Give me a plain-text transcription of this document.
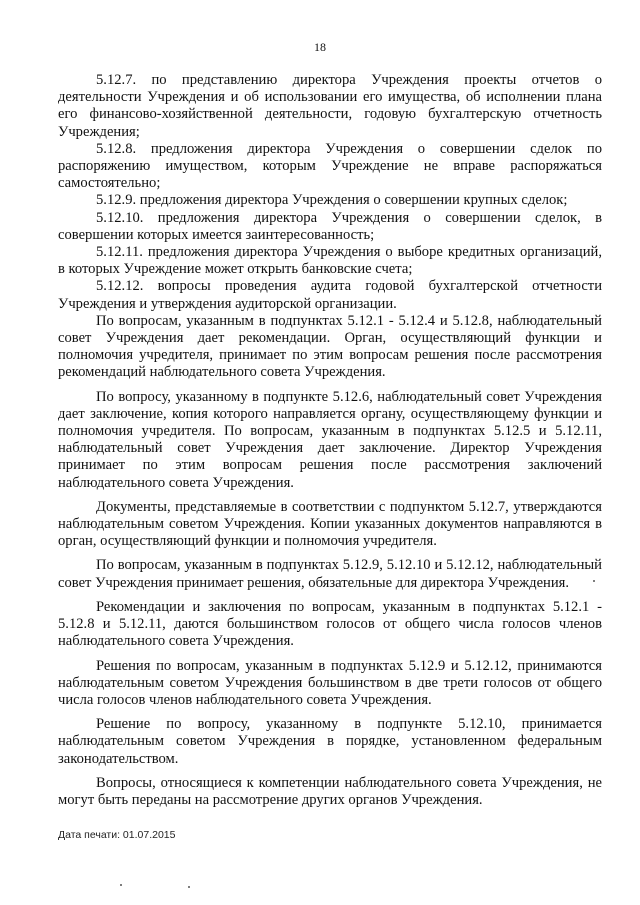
18

5.12.7. по представлению директора Учреждения проекты отчетов о деятельности Учреждения и об использовании его имущества, об исполнении плана его финансово-хозяйственной деятельности, годовую бухгалтерскую отчетность Учреждения;

5.12.8. предложения директора Учреждения о совершении сделок по распоряжению имуществом, которым Учреждение не вправе распоряжаться самостоятельно;

5.12.9. предложения директора Учреждения о совершении крупных сделок;

5.12.10. предложения директора Учреждения о совершении сделок, в совершении которых имеется заинтересованность;

5.12.11. предложения директора Учреждения о выборе кредитных организаций, в которых Учреждение может открыть банковские счета;

5.12.12. вопросы проведения аудита годовой бухгалтерской отчетности Учреждения и утверждения аудиторской организации.

По вопросам, указанным в подпунктах 5.12.1 - 5.12.4 и 5.12.8, наблюдательный совет Учреждения дает рекомендации. Орган, осуществляющий функции и полномочия учредителя, принимает по этим вопросам решения после рассмотрения рекомендаций наблюдательного совета Учреждения.

По вопросу, указанному в подпункте 5.12.6, наблюдательный совет Учреждения дает заключение, копия которого направляется органу, осуществляющему функции и полномочия учредителя. По вопросам, указанным в подпунктах 5.12.5 и 5.12.11, наблюдательный совет Учреждения дает заключение. Директор Учреждения принимает по этим вопросам решения после рассмотрения заключений наблюдательного совета Учреждения.

Документы, представляемые в соответствии с подпунктом 5.12.7, утверждаются наблюдательным советом Учреждения. Копии указанных документов направляются в орган, осуществляющий функции и полномочия учредителя.

По вопросам, указанным в подпунктах 5.12.9, 5.12.10 и 5.12.12, наблюдательный совет Учреждения принимает решения, обязательные для директора Учреждения.

Рекомендации и заключения по вопросам, указанным в подпунктах 5.12.1 - 5.12.8 и 5.12.11, даются большинством голосов от общего числа голосов членов наблюдательного совета Учреждения.

Решения по вопросам, указанным в подпунктах 5.12.9 и 5.12.12, принимаются наблюдательным советом Учреждения большинством в две трети голосов от общего числа голосов членов наблюдательного совета Учреждения.

Решение по вопросу, указанному в подпункте 5.12.10, принимается наблюдательным советом Учреждения в порядке, установленном федеральным законодательством.

Вопросы, относящиеся к компетенции наблюдательного совета Учреждения, не могут быть переданы на рассмотрение других органов Учреждения.

Дата печати: 01.07.2015
